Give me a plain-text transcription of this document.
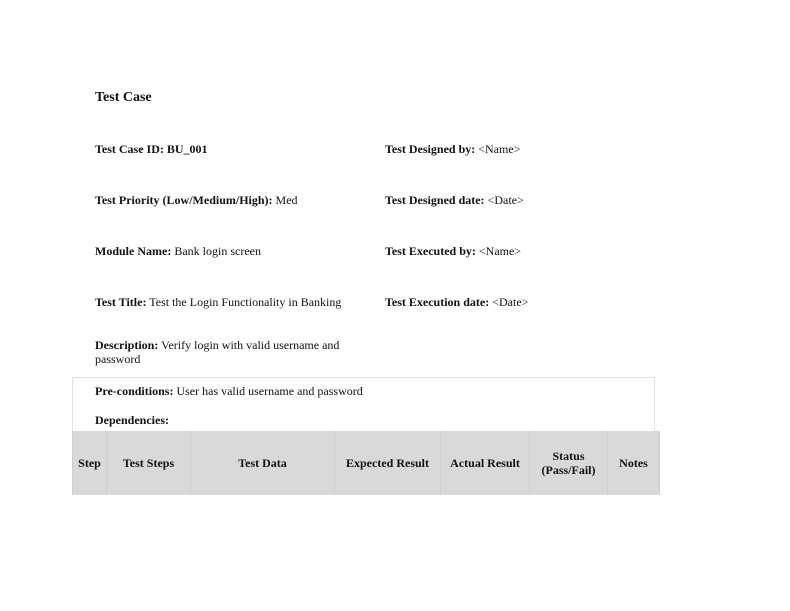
Test Case
Test Case ID: BU_001
Test Priority (Low/Medium/High): Med
Module Name: Bank login screen
Test Title: Test the Login Functionality in Banking
Test Designed by: <Name>
Test Designed date: <Date>
Test Executed by: <Name>
Test Execution date: <Date>
Description: Verify login with valid username and password
Pre-conditions: User has valid username and password
Dependencies:
Step	Test Steps	Test Data	Expected Result	Actual Result	Status (Pass/Fail)	Notes
